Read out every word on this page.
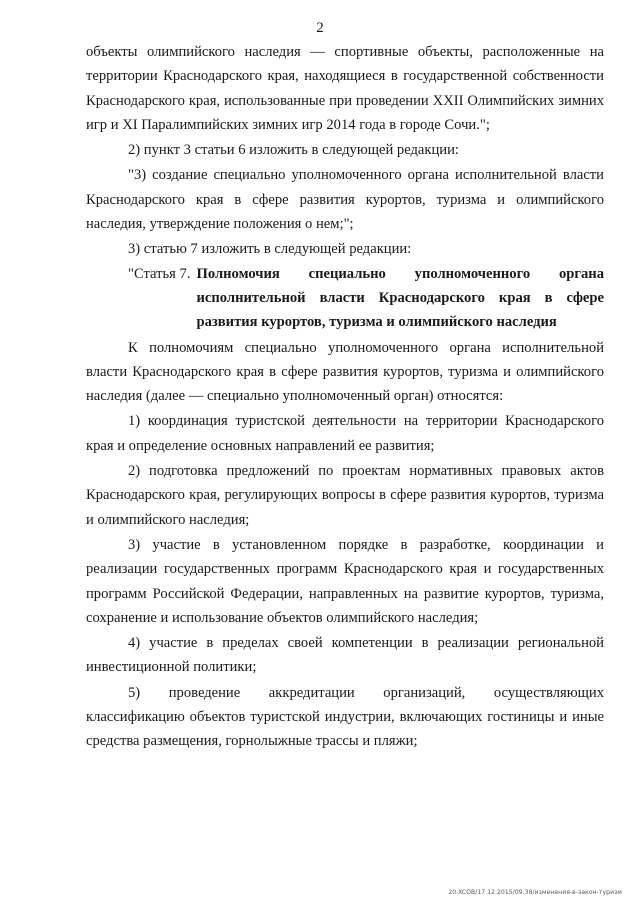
2

объекты олимпийского наследия — спортивные объекты, расположенные на территории Краснодарского края, находящиеся в государственной собственности Краснодарского края, использованные при проведении XXII Олимпийских зимних игр и XI Паралимпийских зимних игр 2014 года в городе Сочи.";

2) пункт 3 статьи 6 изложить в следующей редакции:

"3) создание специально уполномоченного органа исполнительной власти Краснодарского края в сфере развития курортов, туризма и олимпийского наследия, утверждение положения о нем;";

3) статью 7 изложить в следующей редакции:

"Статья 7. Полномочия специально уполномоченного органа исполнительной власти Краснодарского края в сфере развития курортов, туризма и олимпийского наследия

К полномочиям специально уполномоченного органа исполнительной власти Краснодарского края в сфере развития курортов, туризма и олимпийского наследия (далее — специально уполномоченный орган) относятся:

1) координация туристской деятельности на территории Краснодарского края и определение основных направлений ее развития;

2) подготовка предложений по проектам нормативных правовых актов Краснодарского края, регулирующих вопросы в сфере развития курортов, туризма и олимпийского наследия;

3) участие в установленном порядке в разработке, координации и реализации государственных программ Краснодарского края и государственных программ Российской Федерации, направленных на развитие курортов, туризма, сохранение и использование объектов олимпийского наследия;

4) участие в пределах своей компетенции в реализации региональной инвестиционной политики;

5) проведение аккредитации организаций, осуществляющих классификацию объектов туристской индустрии, включающих гостиницы и иные средства размещения, горнолыжные трассы и пляжи;

20.XCOB/17.12.2015/09.38/изменения-в-закон-туризм
